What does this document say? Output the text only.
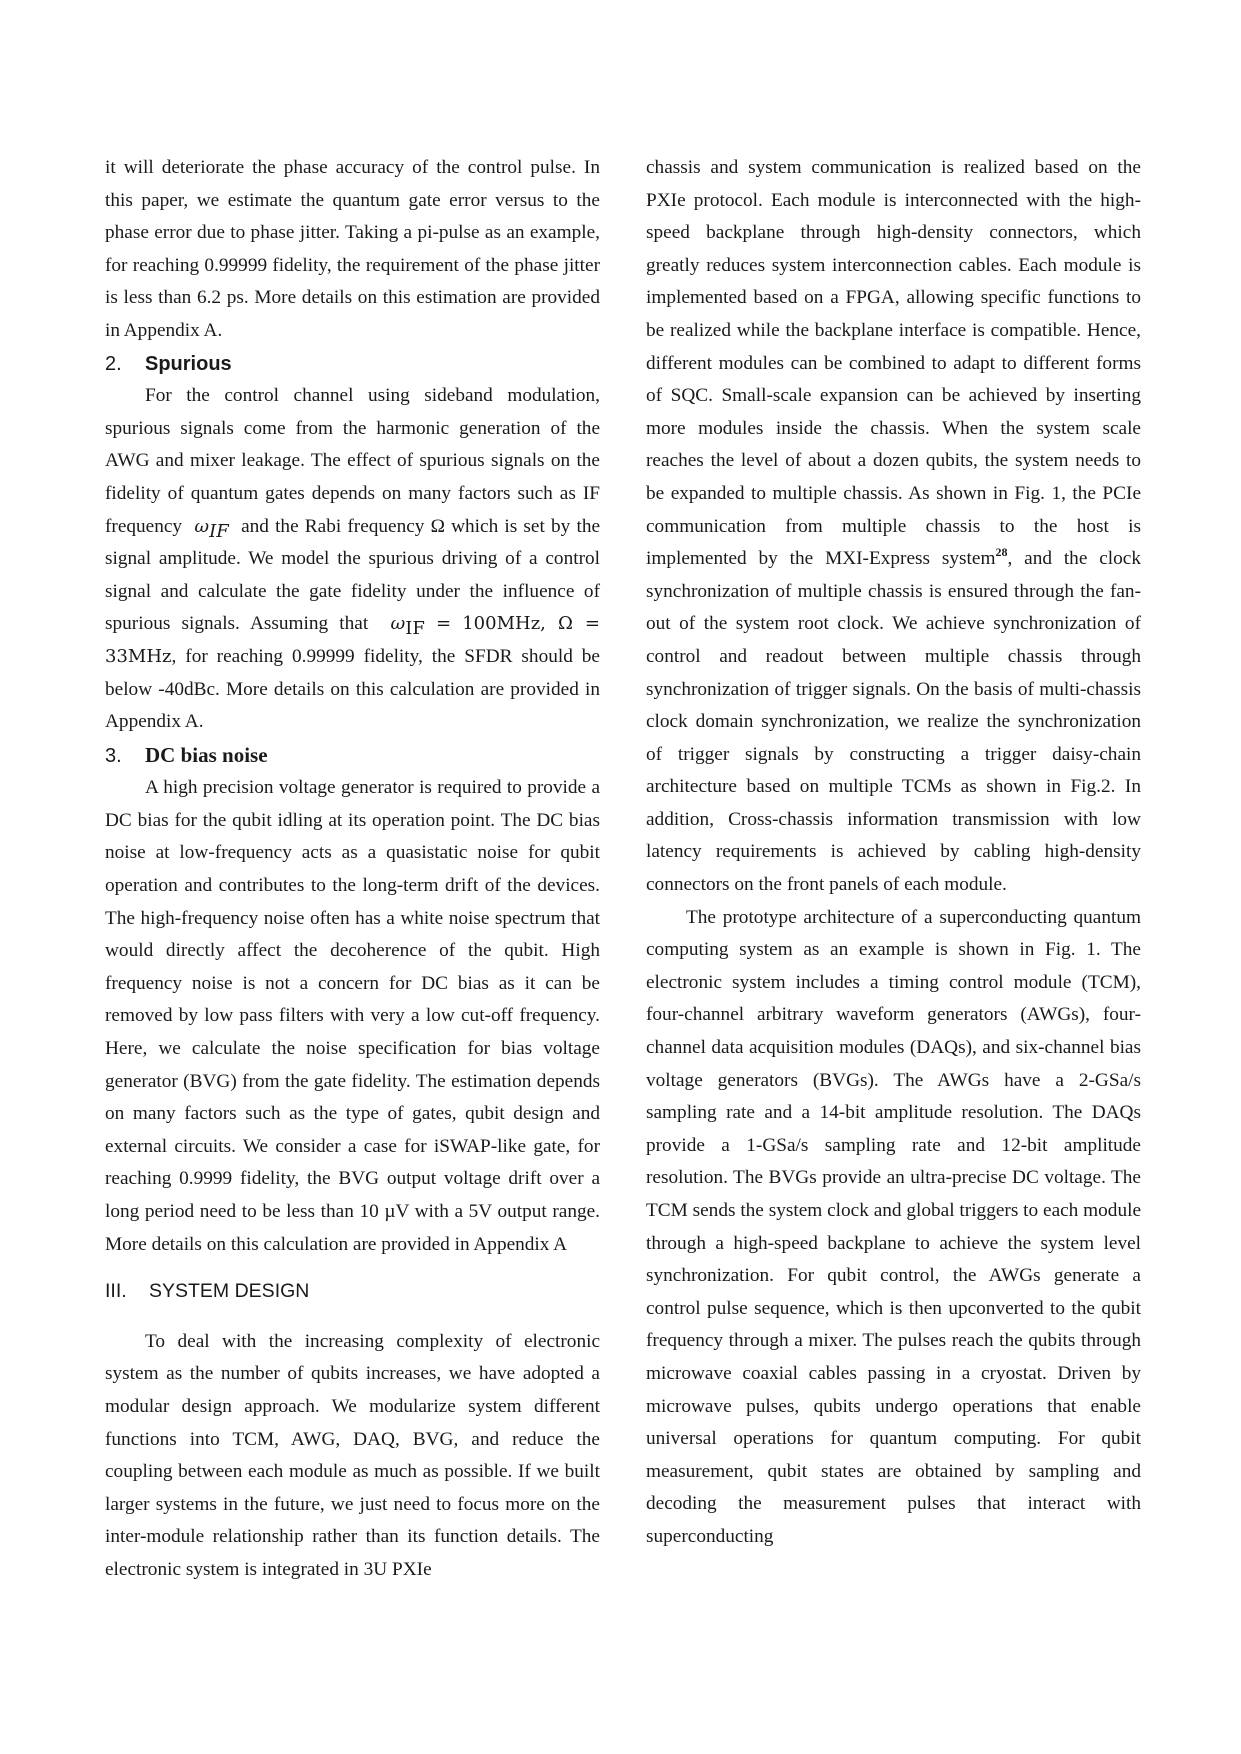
it will deteriorate the phase accuracy of the control pulse. In this paper, we estimate the quantum gate error versus to the phase error due to phase jitter. Taking a pi-pulse as an example, for reaching 0.99999 fidelity, the requirement of the phase jitter is less than 6.2 ps. More details on this estimation are provided in Appendix A.

2. Spurious

For the control channel using sideband modulation, spurious signals come from the harmonic generation of the AWG and mixer leakage. The effect of spurious signals on the fidelity of quantum gates depends on many factors such as IF frequency $\omega_{IF}$ and the Rabi frequency Ω which is set by the signal amplitude. We model the spurious driving of a control signal and calculate the gate fidelity under the influence of spurious signals. Assuming that $\omega_{IF} = 100MHz$, Ω = 33MHz, for reaching 0.99999 fidelity, the SFDR should be below -40dBc. More details on this calculation are provided in Appendix A.

3. DC bias noise

A high precision voltage generator is required to provide a DC bias for the qubit idling at its operation point. The DC bias noise at low-frequency acts as a quasistatic noise for qubit operation and contributes to the long-term drift of the devices. The high-frequency noise often has a white noise spectrum that would directly affect the decoherence of the qubit. High frequency noise is not a concern for DC bias as it can be removed by low pass filters with very a low cut-off frequency. Here, we calculate the noise specification for bias voltage generator (BVG) from the gate fidelity. The estimation depends on many factors such as the type of gates, qubit design and external circuits. We consider a case for iSWAP-like gate, for reaching 0.9999 fidelity, the BVG output voltage drift over a long period need to be less than 10 µV with a 5V output range. More details on this calculation are provided in Appendix A

III. SYSTEM DESIGN

To deal with the increasing complexity of electronic system as the number of qubits increases, we have adopted a modular design approach. We modularize system different functions into TCM, AWG, DAQ, BVG, and reduce the coupling between each module as much as possible. If we built larger systems in the future, we just need to focus more on the inter-module relationship rather than its function details. The electronic system is integrated in 3U PXIe

chassis and system communication is realized based on the PXIe protocol. Each module is interconnected with the high-speed backplane through high-density connectors, which greatly reduces system interconnection cables. Each module is implemented based on a FPGA, allowing specific functions to be realized while the backplane interface is compatible. Hence, different modules can be combined to adapt to different forms of SQC. Small-scale expansion can be achieved by inserting more modules inside the chassis. When the system scale reaches the level of about a dozen qubits, the system needs to be expanded to multiple chassis. As shown in Fig. 1, the PCIe communication from multiple chassis to the host is implemented by the MXI-Express system$^{28}$, and the clock synchronization of multiple chassis is ensured through the fan-out of the system root clock. We achieve synchronization of control and readout between multiple chassis through synchronization of trigger signals. On the basis of multi-chassis clock domain synchronization, we realize the synchronization of trigger signals by constructing a trigger daisy-chain architecture based on multiple TCMs as shown in Fig.2. In addition, Cross-chassis information transmission with low latency requirements is achieved by cabling high-density connectors on the front panels of each module.

The prototype architecture of a superconducting quantum computing system as an example is shown in Fig. 1. The electronic system includes a timing control module (TCM), four-channel arbitrary waveform generators (AWGs), four-channel data acquisition modules (DAQs), and six-channel bias voltage generators (BVGs). The AWGs have a 2-GSa/s sampling rate and a 14-bit amplitude resolution. The DAQs provide a 1-GSa/s sampling rate and 12-bit amplitude resolution. The BVGs provide an ultra-precise DC voltage. The TCM sends the system clock and global triggers to each module through a high-speed backplane to achieve the system level synchronization. For qubit control, the AWGs generate a control pulse sequence, which is then upconverted to the qubit frequency through a mixer. The pulses reach the qubits through microwave coaxial cables passing in a cryostat. Driven by microwave pulses, qubits undergo operations that enable universal operations for quantum computing. For qubit measurement, qubit states are obtained by sampling and decoding the measurement pulses that interact with superconducting
